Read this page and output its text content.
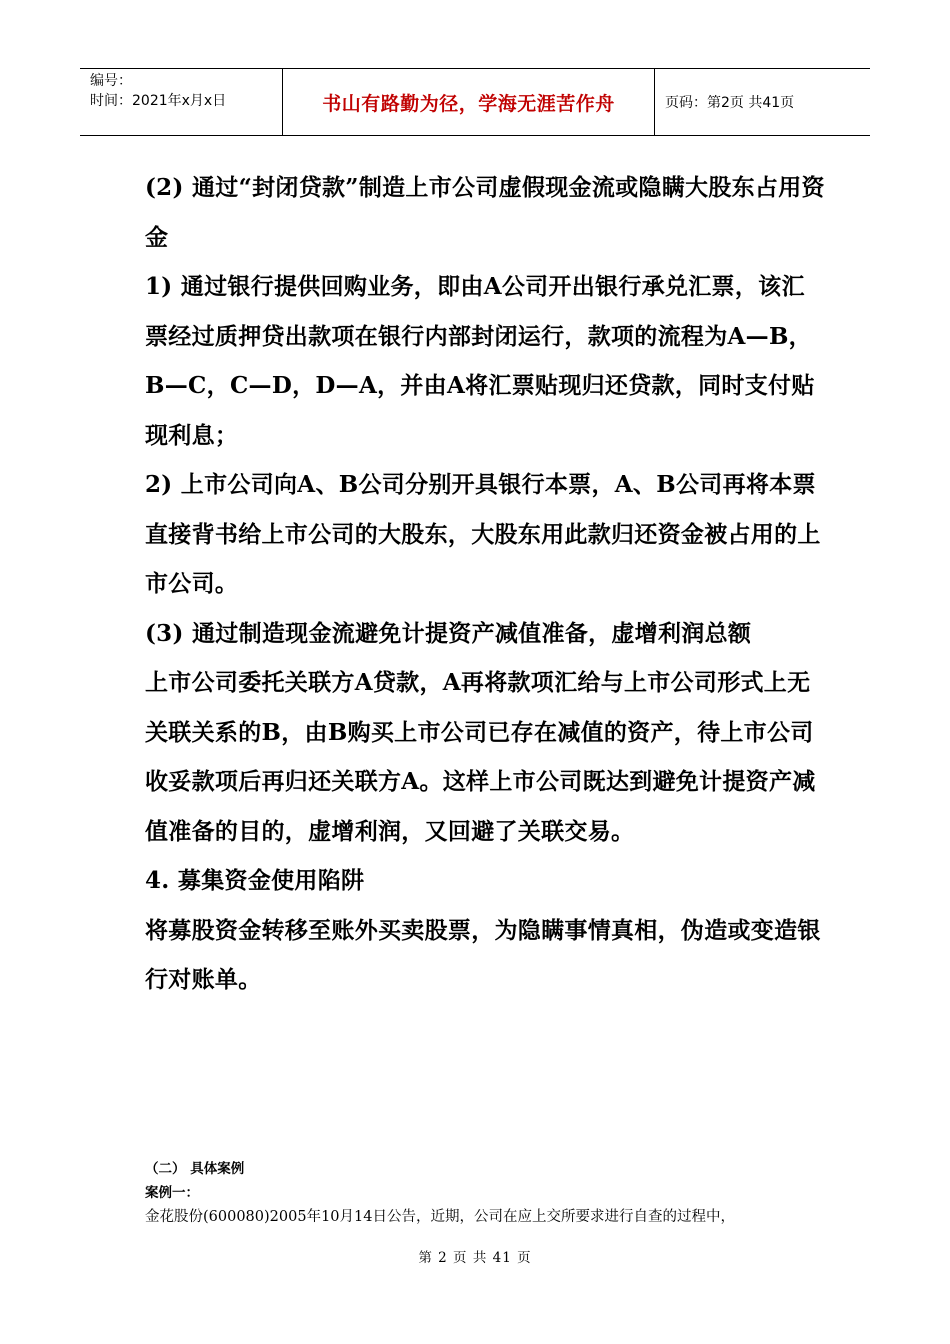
编号：
时间：2021年x月x日	书山有路勤为径，学海无涯苦作舟	页码：第2页 共41页

(2) 通过“封闭贷款”制造上市公司虚假现金流或隐瞒大股东占用资金

1) 通过银行提供回购业务，即由A公司开出银行承兑汇票，该汇票经过质押贷出款项在银行内部封闭运行，款项的流程为A—B，B—C，C—D，D—A，并由A将汇票贴现归还贷款，同时支付贴现利息；

2) 上市公司向A、B公司分别开具银行本票，A、B公司再将本票直接背书给上市公司的大股东，大股东用此款归还资金被占用的上市公司。

(3) 通过制造现金流避免计提资产减值准备，虚增利润总额

上市公司委托关联方A贷款，A再将款项汇给与上市公司形式上无关联关系的B，由B购买上市公司已存在减值的资产，待上市公司收妥款项后再归还关联方A。这样上市公司既达到避免计提资产减值准备的目的，虚增利润，又回避了关联交易。

4. 募集资金使用陷阱

将募股资金转移至账外买卖股票，为隐瞒事情真相，伪造或变造银行对账单。

（二） 具体案例

案例一：

金花股份(600080)2005年10月14日公告，近期，公司在应上交所要求进行自查的过程中，

第 2 页 共 41 页
